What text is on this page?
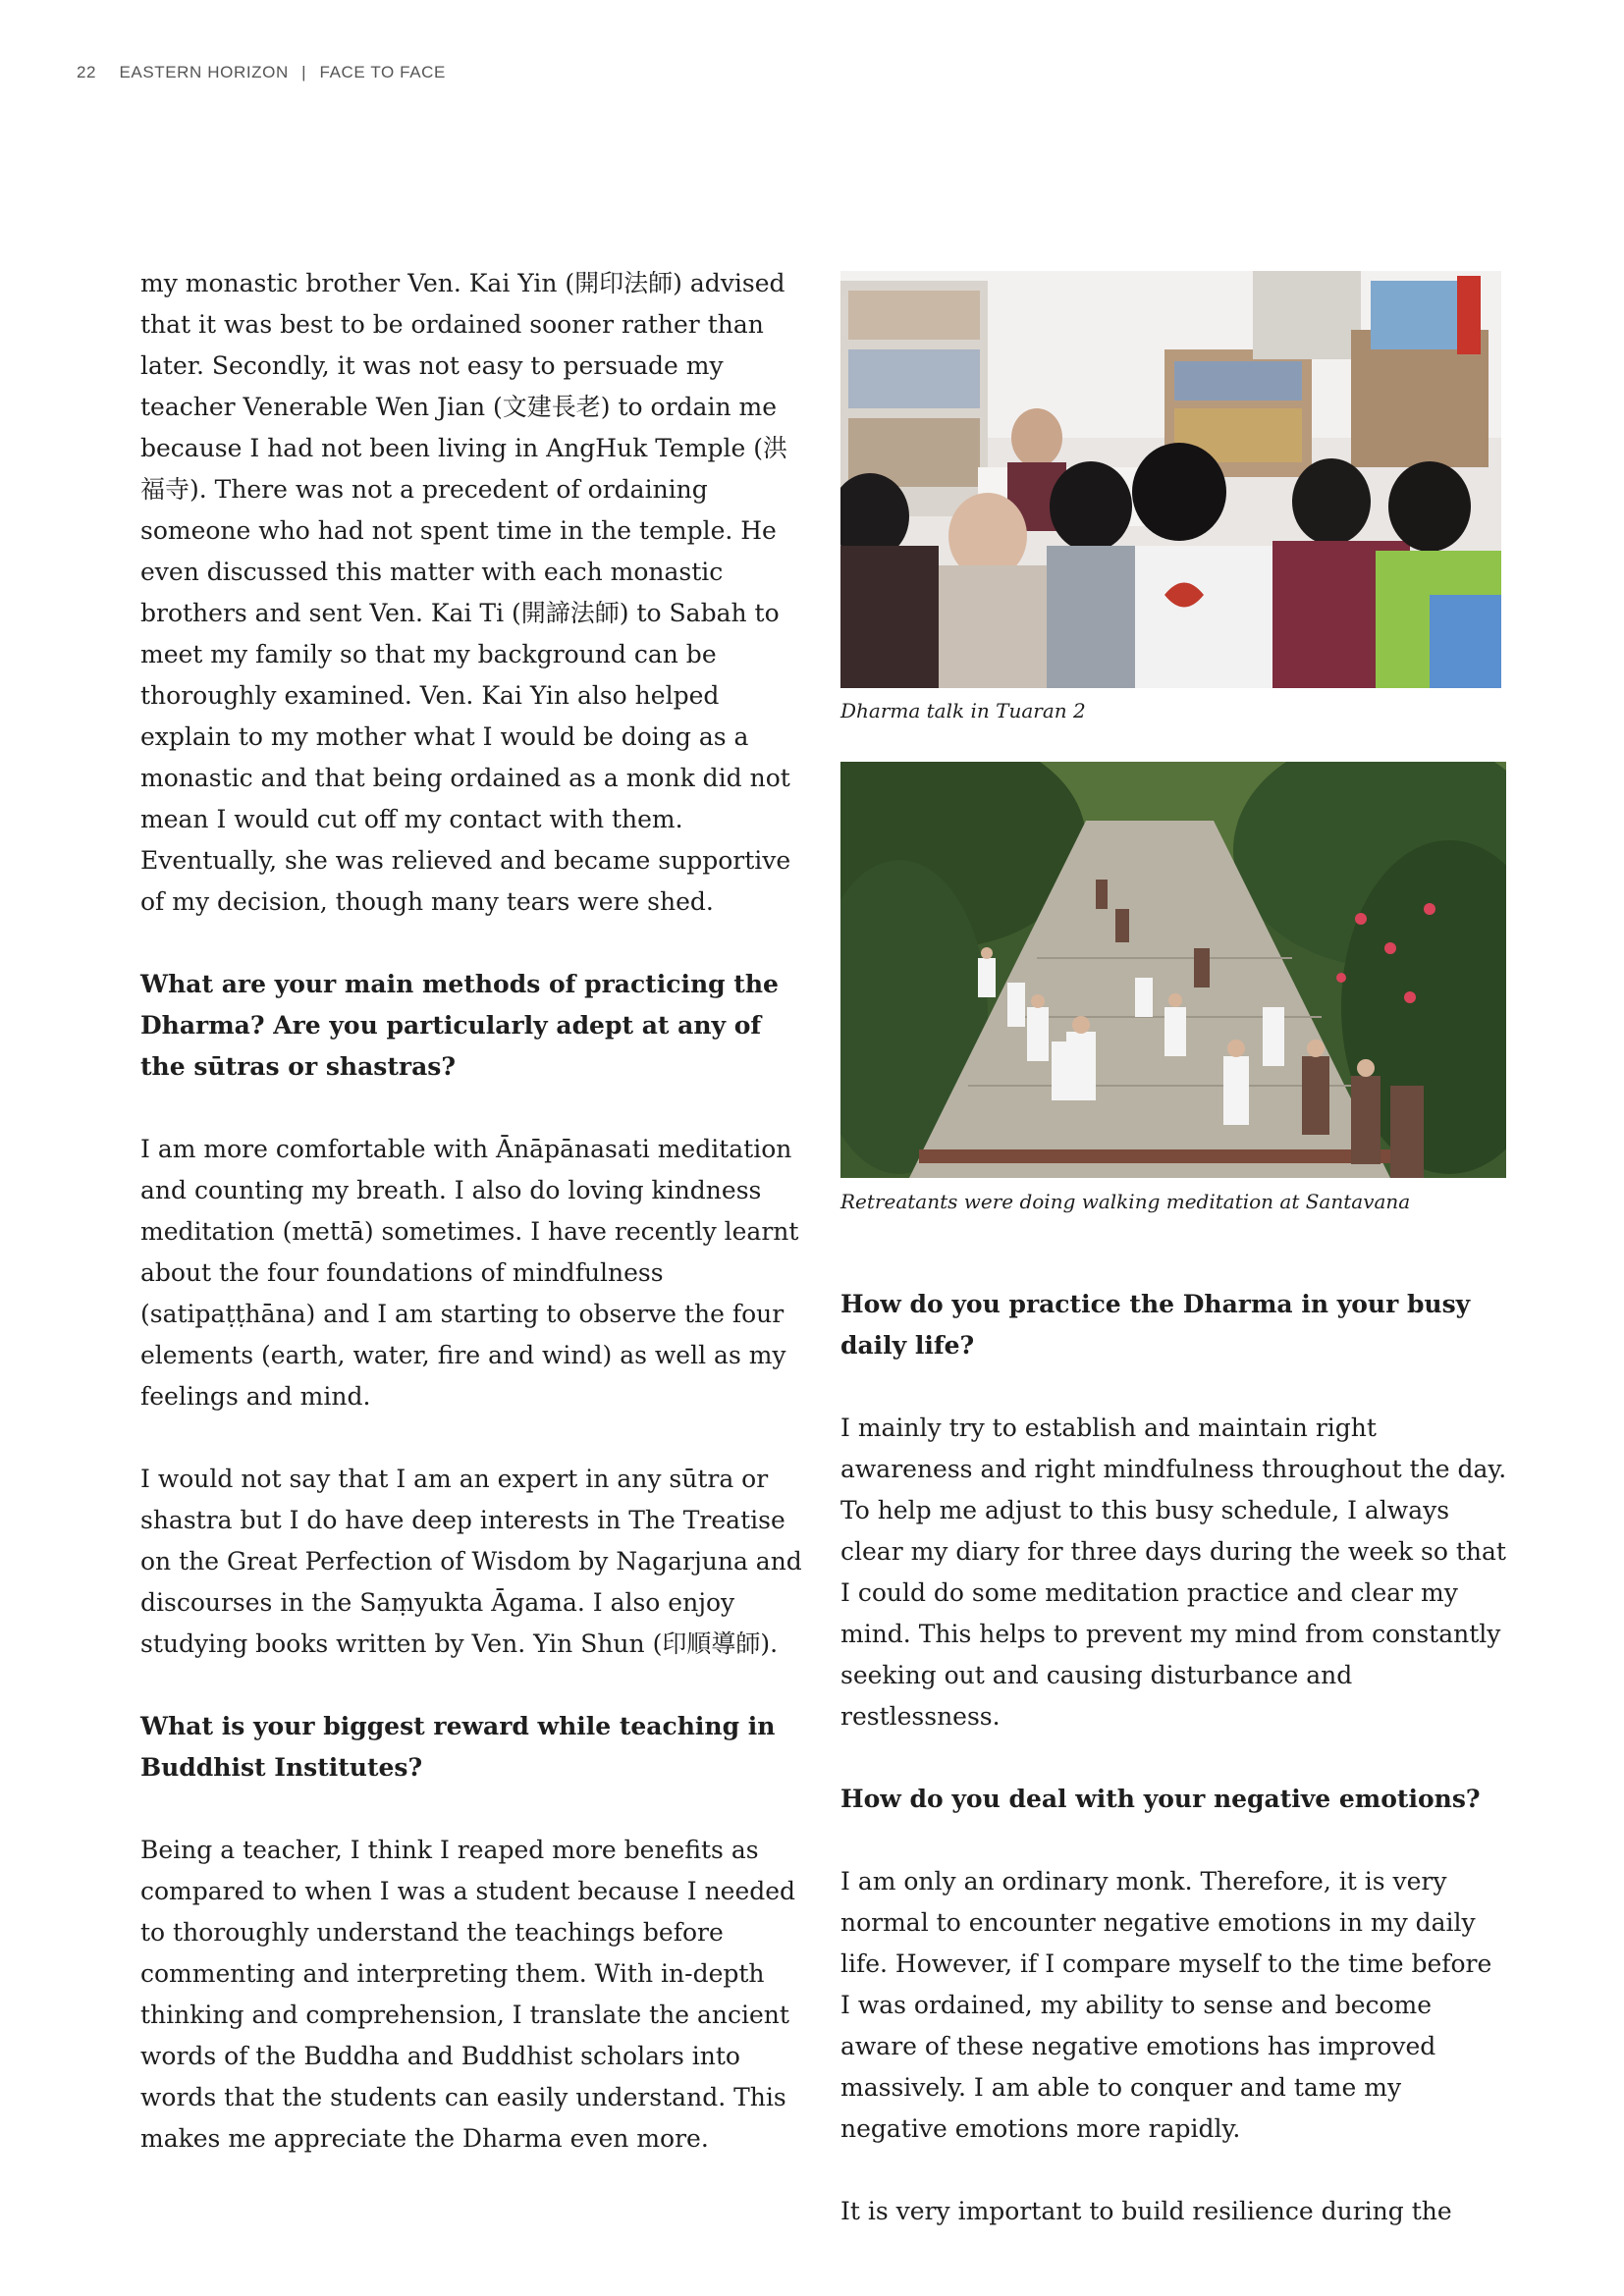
22 EASTERN HORIZON | FACE TO FACE

my monastic brother Ven. Kai Yin (開印法師) advised that it was best to be ordained sooner rather than later. Secondly, it was not easy to persuade my teacher Venerable Wen Jian (文建長老) to ordain me because I had not been living in AngHuk Temple (洪福寺). There was not a precedent of ordaining someone who had not spent time in the temple. He even discussed this matter with each monastic brothers and sent Ven. Kai Ti (開諦法師) to Sabah to meet my family so that my background can be thoroughly examined. Ven. Kai Yin also helped explain to my mother what I would be doing as a monastic and that being ordained as a monk did not mean I would cut off my contact with them. Eventually, she was relieved and became supportive of my decision, though many tears were shed.

What are your main methods of practicing the Dharma? Are you particularly adept at any of the sūtras or shastras?

I am more comfortable with Ānāpānasati meditation and counting my breath. I also do loving kindness meditation (mettā) sometimes. I have recently learnt about the four foundations of mindfulness (satipaṭṭhāna) and I am starting to observe the four elements (earth, water, fire and wind) as well as my feelings and mind.

I would not say that I am an expert in any sūtra or shastra but I do have deep interests in The Treatise on the Great Perfection of Wisdom by Nagarjuna and discourses in the Saṃyukta Āgama. I also enjoy studying books written by Ven. Yin Shun (印順導師).

What is your biggest reward while teaching in Buddhist Institutes?

Being a teacher, I think I reaped more benefits as compared to when I was a student because I needed to thoroughly understand the teachings before commenting and interpreting them. With in-depth thinking and comprehension, I translate the ancient words of the Buddha and Buddhist scholars into words that the students can easily understand. This makes me appreciate the Dharma even more.

Dharma talk in Tuaran 2
Retreatants were doing walking meditation at Santavana

How do you practice the Dharma in your busy daily life?

I mainly try to establish and maintain right awareness and right mindfulness throughout the day. To help me adjust to this busy schedule, I always clear my diary for three days during the week so that I could do some meditation practice and clear my mind. This helps to prevent my mind from constantly seeking out and causing disturbance and restlessness.

How do you deal with your negative emotions?

I am only an ordinary monk. Therefore, it is very normal to encounter negative emotions in my daily life. However, if I compare myself to the time before I was ordained, my ability to sense and become aware of these negative emotions has improved massively. I am able to conquer and tame my negative emotions more rapidly.

It is very important to build resilience during the
